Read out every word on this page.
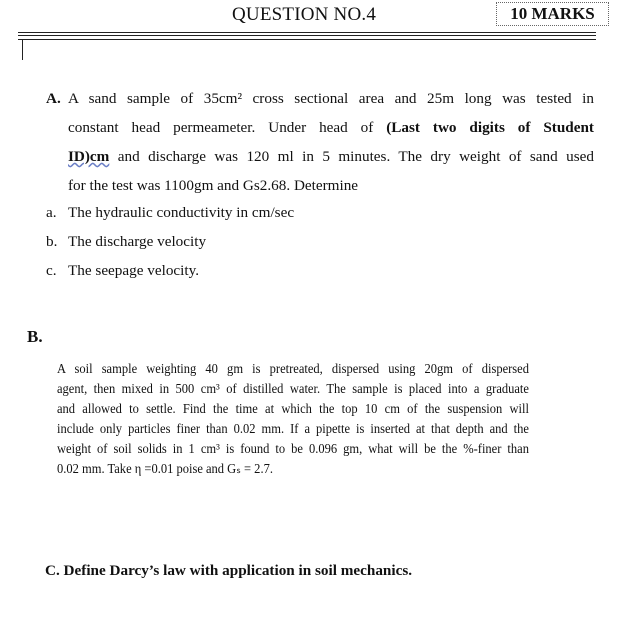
QUESTION NO.4	10 MARKS
A. A sand sample of 35cm² cross sectional area and 25m long was tested in
constant head permeameter. Under head of (Last two digits of Student
ID)cm and discharge was 120 ml in 5 minutes. The dry weight of sand used
for the test was 1100gm and Gs2.68. Determine
a. The hydraulic conductivity in cm/sec
b. The discharge velocity
c. The seepage velocity.
B.
A soil sample weighting 40 gm is pretreated, dispersed using 20gm of dispersed
agent, then mixed in 500 cm³ of distilled water. The sample is placed into a graduate
and allowed to settle. Find the time at which the top 10 cm of the suspension will
include only particles finer than 0.02 mm. If a pipette is inserted at that depth and the
weight of soil solids in 1 cm³ is found to be 0.096 gm, what will be the %-finer than
0.02 mm. Take η =0.01 poise and Gₛ = 2.7.
C. Define Darcy’s law with application in soil mechanics.
